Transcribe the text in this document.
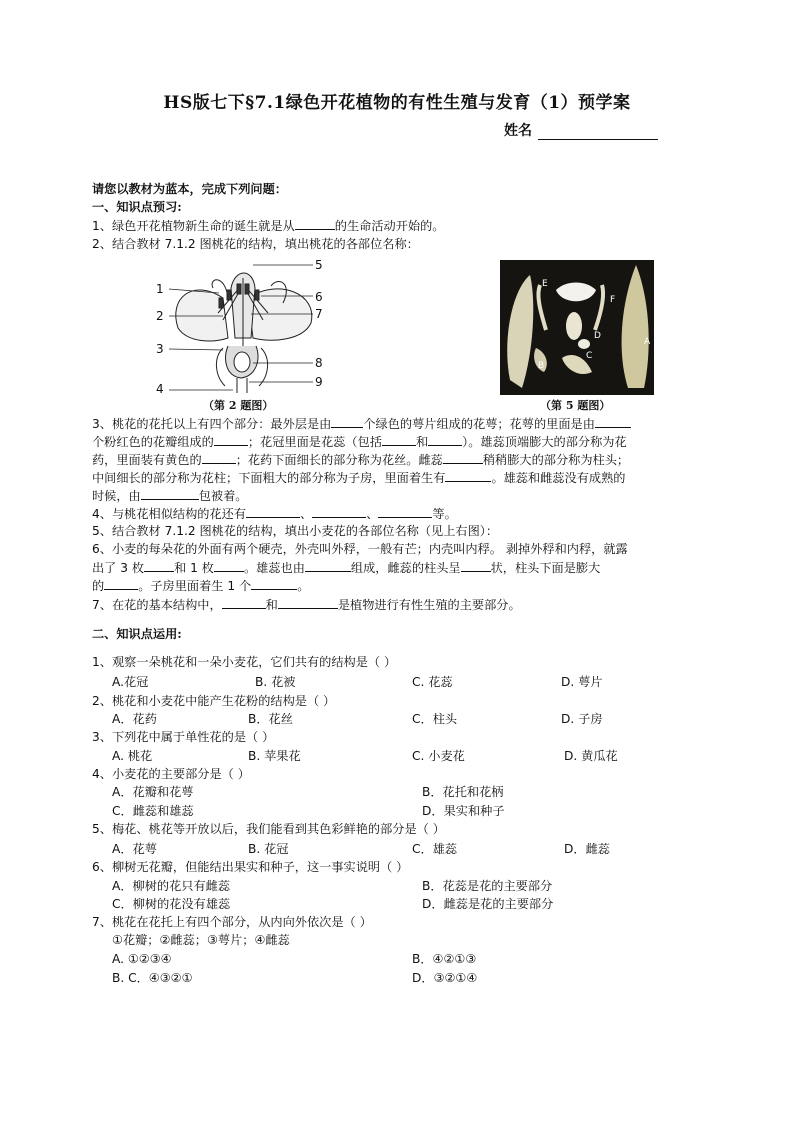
HS版七下§7.1绿色开花植物的有性生殖与发育（1）预学案
姓名
请您以教材为蓝本，完成下列问题：
一、知识点预习:
1、绿色开花植物新生命的诞生就是从	的生命活动开始的。
2、结合教材 7.1.2 图桃花的结构，填出桃花的各部位名称：
1
2
3
4
5
6
7
8
9
（第 2 题图）
E
F
D
C
B
A
（第 5 题图）
3、桃花的花托以上有四个部分：最外层是由	个绿色的萼片组成的花萼；花萼的里面是由
个粉红色的花瓣组成的	；花冠里面是花蕊（包括	和	）。雄蕊顶端膨大的部分称为花
药，里面装有黄色的	；花药下面细长的部分称为花丝。雌蕊	稍稍膨大的部分称为柱头；
中间细长的部分称为花柱；下面粗大的部分称为子房，里面着生有	。雄蕊和雌蕊没有成熟的
时候，由	包被着。
4、与桃花相似结构的花还有	、	、	等。
5、结合教材 7.1.2 图桃花的结构，填出小麦花的各部位名称（见上右图）：
6、小麦的每朵花的外面有两个硬壳，外壳叫外稃，一般有芒；内壳叫内稃。 剥掉外稃和内稃，就露
出了 3 枚 和 1 枚 。雄蕊也由	组成，雌蕊的柱头呈 状，柱头下面是膨大
的	。子房里面着生 1 个	。
7、在花的基本结构中，	和	是植物进行有性生殖的主要部分。
二、知识点运用:
1、观察一朵桃花和一朵小麦花，它们共有的结构是（ ）
A.花冠	B. 花被	C. 花蕊	D. 萼片
2、桃花和小麦花中能产生花粉的结构是（ ）
A．花药	B．花丝	C．柱头	D. 子房
3、下列花中属于单性花的是（ ）
A. 桃花	B. 苹果花	C. 小麦花	D. 黄瓜花
4、小麦花的主要部分是（ ）
A．花瓣和花萼	B．花托和花柄
C．雌蕊和雄蕊	D．果实和种子
5、梅花、桃花等开放以后，我们能看到其色彩鲜艳的部分是（ ）
A．花萼	B. 花冠	C．雄蕊	D．雌蕊
6、柳树无花瓣，但能结出果实和种子，这一事实说明（ ）
A．柳树的花只有雌蕊	B．花蕊是花的主要部分
C．柳树的花没有雄蕊	D．雌蕊是花的主要部分
7、桃花在花托上有四个部分，从内向外依次是（ ）
①花瓣；②雌蕊；③萼片；④雌蕊
A. ①②③④	B．④②①③
B. C．④③②①	D．③②①④
